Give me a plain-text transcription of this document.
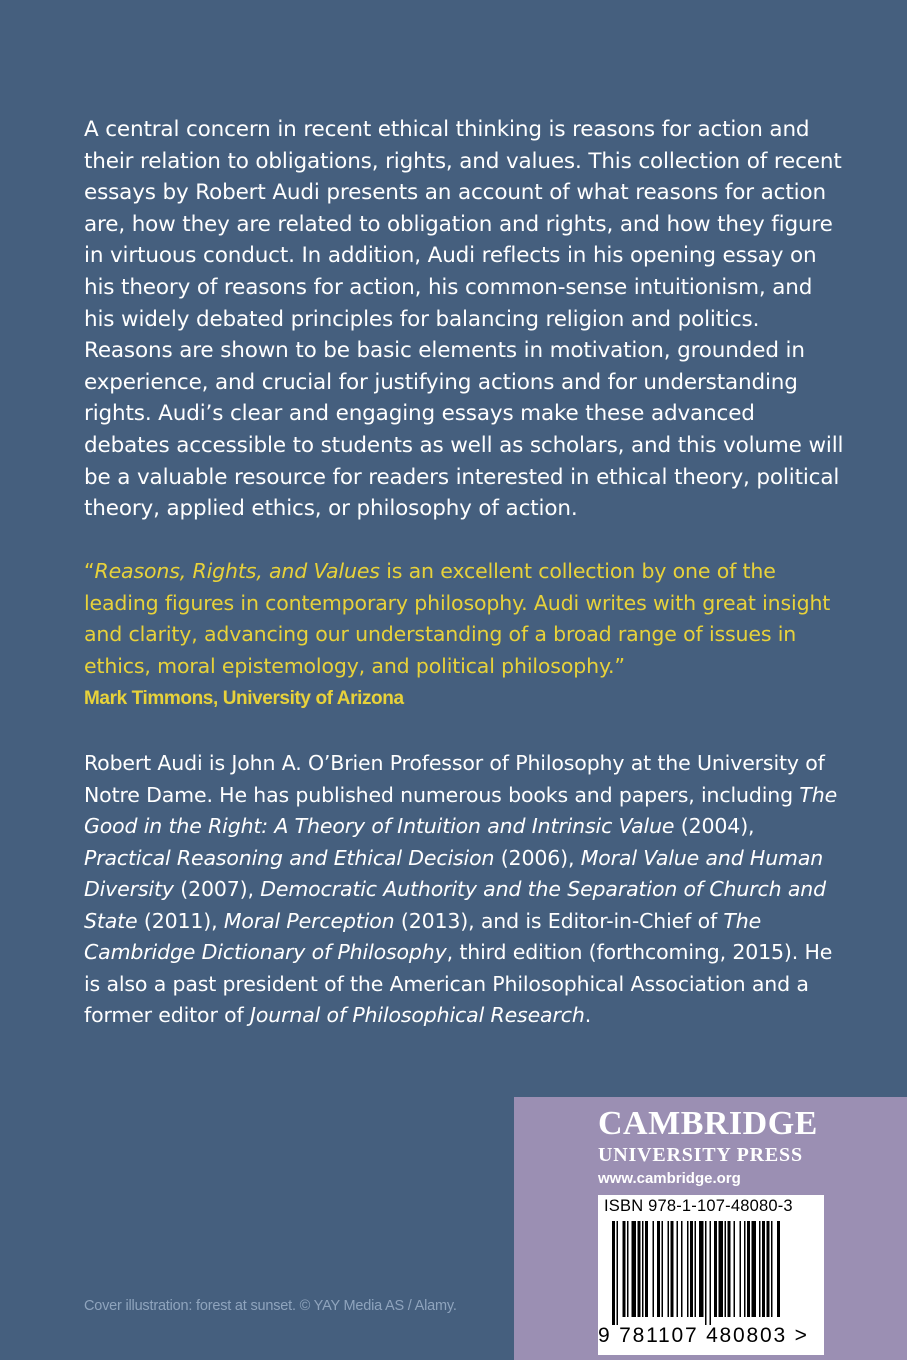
A central concern in recent ethical thinking is reasons for action and their relation to obligations, rights, and values. This collection of recent essays by Robert Audi presents an account of what reasons for action are, how they are related to obligation and rights, and how they figure in virtuous conduct. In addition, Audi reflects in his opening essay on his theory of reasons for action, his common-sense intuitionism, and his widely debated principles for balancing religion and politics. Reasons are shown to be basic elements in motivation, grounded in experience, and crucial for justifying actions and for understanding rights. Audi’s clear and engaging essays make these advanced debates accessible to students as well as scholars, and this volume will be a valuable resource for readers interested in ethical theory, political theory, applied ethics, or philosophy of action.
“Reasons, Rights, and Values is an excellent collection by one of the leading figures in contemporary philosophy. Audi writes with great insight and clarity, advancing our understanding of a broad range of issues in ethics, moral epistemology, and political philosophy.”
Mark Timmons, University of Arizona
Robert Audi is John A. O’Brien Professor of Philosophy at the University of Notre Dame. He has published numerous books and papers, including The Good in the Right: A Theory of Intuition and Intrinsic Value (2004), Practical Reasoning and Ethical Decision (2006), Moral Value and Human Diversity (2007), Democratic Authority and the Separation of Church and State (2011), Moral Perception (2013), and is Editor-in-Chief of The Cambridge Dictionary of Philosophy, third edition (forthcoming, 2015). He is also a past president of the American Philosophical Association and a former editor of Journal of Philosophical Research.
Cover illustration: forest at sunset. © YAY Media AS / Alamy.
CAMBRIDGE
UNIVERSITY PRESS
www.cambridge.org
ISBN 978-1-107-48080-3
9 781107 480803 >
